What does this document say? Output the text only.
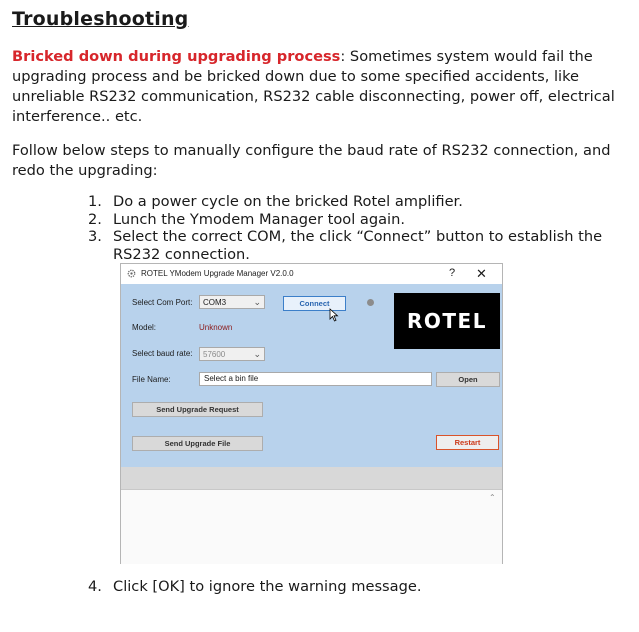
Troubleshooting
Bricked down during upgrading process: Sometimes system would fail the upgrading process and be bricked down due to some specified accidents, like unreliable RS232 communication, RS232 cable disconnecting, power off, electrical interference.. etc.
Follow below steps to manually configure the baud rate of RS232 connection, and redo the upgrading:
1. Do a power cycle on the bricked Rotel amplifier.
2. Lunch the Ymodem Manager tool again.
3. Select the correct COM, the click “Connect” button to establish the RS232 connection.
ROTEL YModem Upgrade Manager V2.0.0	? ✕
Select Com Port: COM3	⌄	Connect
ROTEL
Model:	Unknown
Select baud rate: 57600	⌄
File Name:	Select a bin file	Open
Send Upgrade Request
Send Upgrade File	Restart
⌃
4. Click [OK] to ignore the warning message.
